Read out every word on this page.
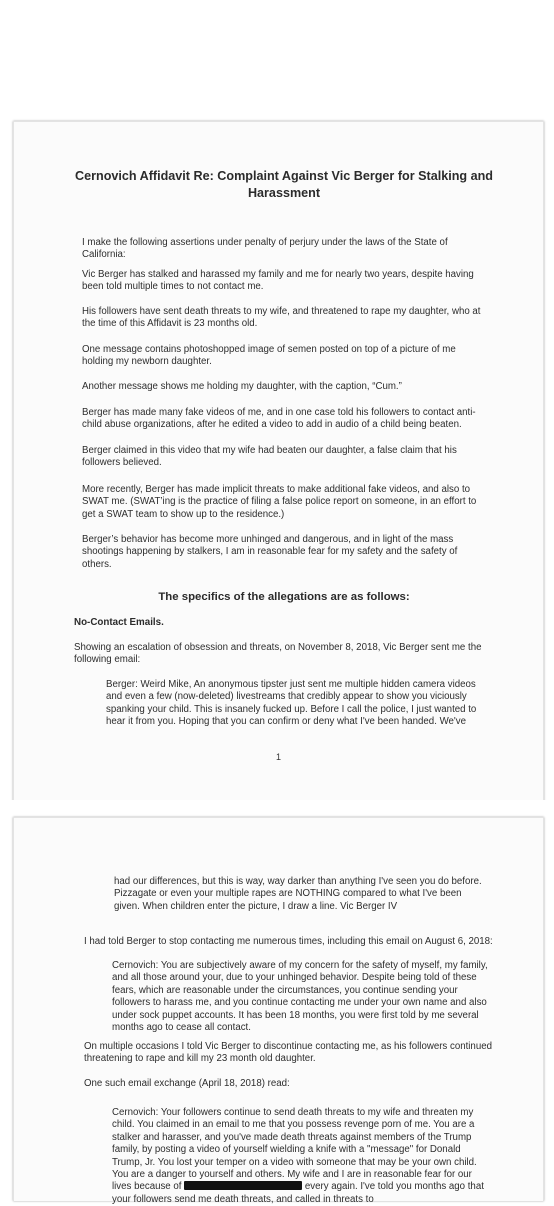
Cernovich Affidavit Re: Complaint Against Vic Berger for Stalking and Harassment

I make the following assertions under penalty of perjury under the laws of the State of California:

Vic Berger has stalked and harassed my family and me for nearly two years, despite having been told multiple times to not contact me.

His followers have sent death threats to my wife, and threatened to rape my daughter, who at the time of this Affidavit is 23 months old.

One message contains photoshopped image of semen posted on top of a picture of me holding my newborn daughter.

Another message shows me holding my daughter, with the caption, “Cum.”

Berger has made many fake videos of me, and in one case told his followers to contact anti-child abuse organizations, after he edited a video to add in audio of a child being beaten.

Berger claimed in this video that my wife had beaten our daughter, a false claim that his followers believed.

More recently, Berger has made implicit threats to make additional fake videos, and also to SWAT me. (SWAT’ing is the practice of filing a false police report on someone, in an effort to get a SWAT team to show up to the residence.)

Berger’s behavior has become more unhinged and dangerous, and in light of the mass shootings happening by stalkers, I am in reasonable fear for my safety and the safety of others.

The specifics of the allegations are as follows:
No-Contact Emails.

Showing an escalation of obsession and threats, on November 8, 2018, Vic Berger sent me the following email:

Berger: Weird Mike, An anonymous tipster just sent me multiple hidden camera videos and even a few (now-deleted) livestreams that credibly appear to show you viciously spanking your child. This is insanely fucked up. Before I call the police, I just wanted to hear it from you. Hoping that you can confirm or deny what I've been handed. We've

1

had our differences, but this is way, way darker than anything I've seen you do before. Pizzagate or even your multiple rapes are NOTHING compared to what I've been given. When children enter the picture, I draw a line. Vic Berger IV

I had told Berger to stop contacting me numerous times, including this email on August 6, 2018:

Cernovich: You are subjectively aware of my concern for the safety of myself, my family, and all those around your, due to your unhinged behavior. Despite being told of these fears, which are reasonable under the circumstances, you continue sending your followers to harass me, and you continue contacting me under your own name and also under sock puppet accounts. It has been 18 months, you were first told by me several months ago to cease all contact.

On multiple occasions I told Vic Berger to discontinue contacting me, as his followers continued threatening to rape and kill my 23 month old daughter.

One such email exchange (April 18, 2018) read:

Cernovich: Your followers continue to send death threats to my wife and threaten my child. You claimed in an email to me that you possess revenge porn of me. You are a stalker and harasser, and you've made death threats against members of the Trump family, by posting a video of yourself wielding a knife with a "message" for Donald Trump, Jr. You lost your temper on a video with someone that may be your own child. You are a danger to yourself and others. My wife and I are in reasonable fear for our lives because of	every again. I've told you months ago that your followers send me death threats, and called in threats to
